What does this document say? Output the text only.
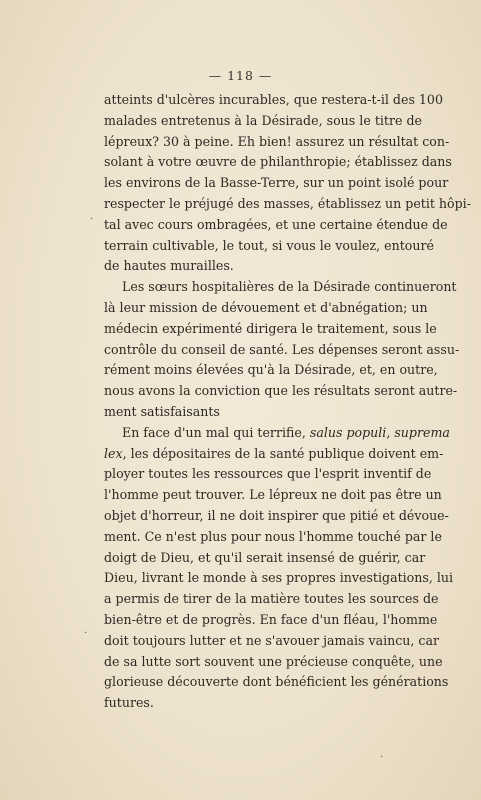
— 118 —
atteints d'ulcères incurables, que restera-t-il des 100
malades entretenus à la Désirade, sous le titre de
lépreux? 30 à peine. Eh bien! assurez un résultat con-
solant à votre œuvre de philanthropie; établissez dans
les environs de la Basse-Terre, sur un point isolé pour
respecter le préjugé des masses, établissez un petit hôpi-
tal avec cours ombragées, et une certaine étendue de
terrain cultivable, le tout, si vous le voulez, entouré
de hautes murailles.
Les sœurs hospitalières de la Désirade continueront
là leur mission de dévouement et d'abnégation; un
médecin expérimenté dirigera le traitement, sous le
contrôle du conseil de santé. Les dépenses seront assu-
rément moins élevées qu'à la Désirade, et, en outre,
nous avons la conviction que les résultats seront autre-
ment satisfaisants
En face d'un mal qui terrifie, salus populi, suprema
lex, les dépositaires de la santé publique doivent em-
ployer toutes les ressources que l'esprit inventif de
l'homme peut trouver. Le lépreux ne doit pas être un
objet d'horreur, il ne doit inspirer que pitié et dévoue-
ment. Ce n'est plus pour nous l'homme touché par le
doigt de Dieu, et qu'il serait insensé de guérir, car
Dieu, livrant le monde à ses propres investigations, lui
a permis de tirer de la matière toutes les sources de
bien-être et de progrès. En face d'un fléau, l'homme
doit toujours lutter et ne s'avouer jamais vaincu, car
de sa lutte sort souvent une précieuse conquête, une
glorieuse découverte dont bénéficient les générations
futures.
·
·
·
